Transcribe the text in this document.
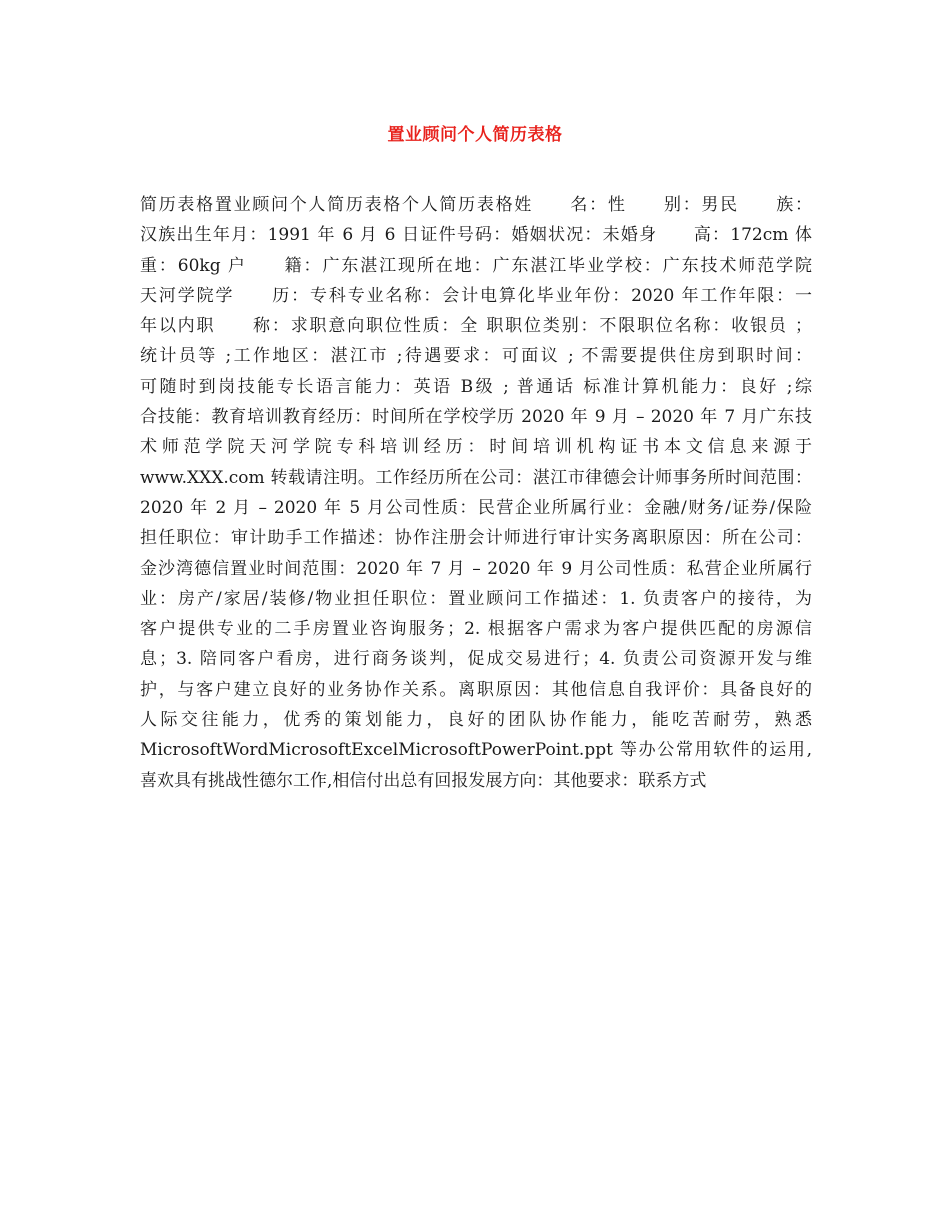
置业顾问个人简历表格
简历表格置业顾问个人简历表格个人简历表格姓　　名：性　　别：男民　　族：
汉族出生年月：1991 年 6 月 6 日证件号码：婚姻状况：未婚身　　高：172cm 体
重：60kg 户　　籍：广东湛江现所在地：广东湛江毕业学校：广东技术师范学院
天河学院学　　历：专科专业名称：会计电算化毕业年份：2020 年工作年限：一
年以内职　　称：求职意向职位性质：全 职职位类别：不限职位名称：收银员 ；
统计员等 ;工作地区：湛江市 ;待遇要求：可面议 ; 不需要提供住房到职时间：
可随时到岗技能专长语言能力：英语 B级 ; 普通话 标准计算机能力：良好 ;综
合技能：教育培训教育经历：时间所在学校学历 2020 年 9 月 – 2020 年 7 月广东技
术师范学院天河学院专科培训经历：时间培训机构证书本文信息来源于
www.XXX.com 转载请注明。工作经历所在公司：湛江市律德会计师事务所时间范围：
2020 年 2 月 – 2020 年 5 月公司性质：民营企业所属行业：金融/财务/证券/保险
担任职位：审计助手工作描述：协作注册会计师进行审计实务离职原因：所在公司：
金沙湾德信置业时间范围：2020 年 7 月 – 2020 年 9 月公司性质：私营企业所属行
业：房产/家居/装修/物业担任职位：置业顾问工作描述：1. 负责客户的接待，为
客户提供专业的二手房置业咨询服务；2. 根据客户需求为客户提供匹配的房源信
息；3. 陪同客户看房，进行商务谈判，促成交易进行；4. 负责公司资源开发与维
护，与客户建立良好的业务协作关系。离职原因：其他信息自我评价：具备良好的
人际交往能力，优秀的策划能力，良好的团队协作能力，能吃苦耐劳，熟悉
MicrosoftWordMicrosoftExcelMicrosoftPowerPoint.ppt 等办公常用软件的运用,
喜欢具有挑战性德尔工作,相信付出总有回报发展方向：其他要求：联系方式
